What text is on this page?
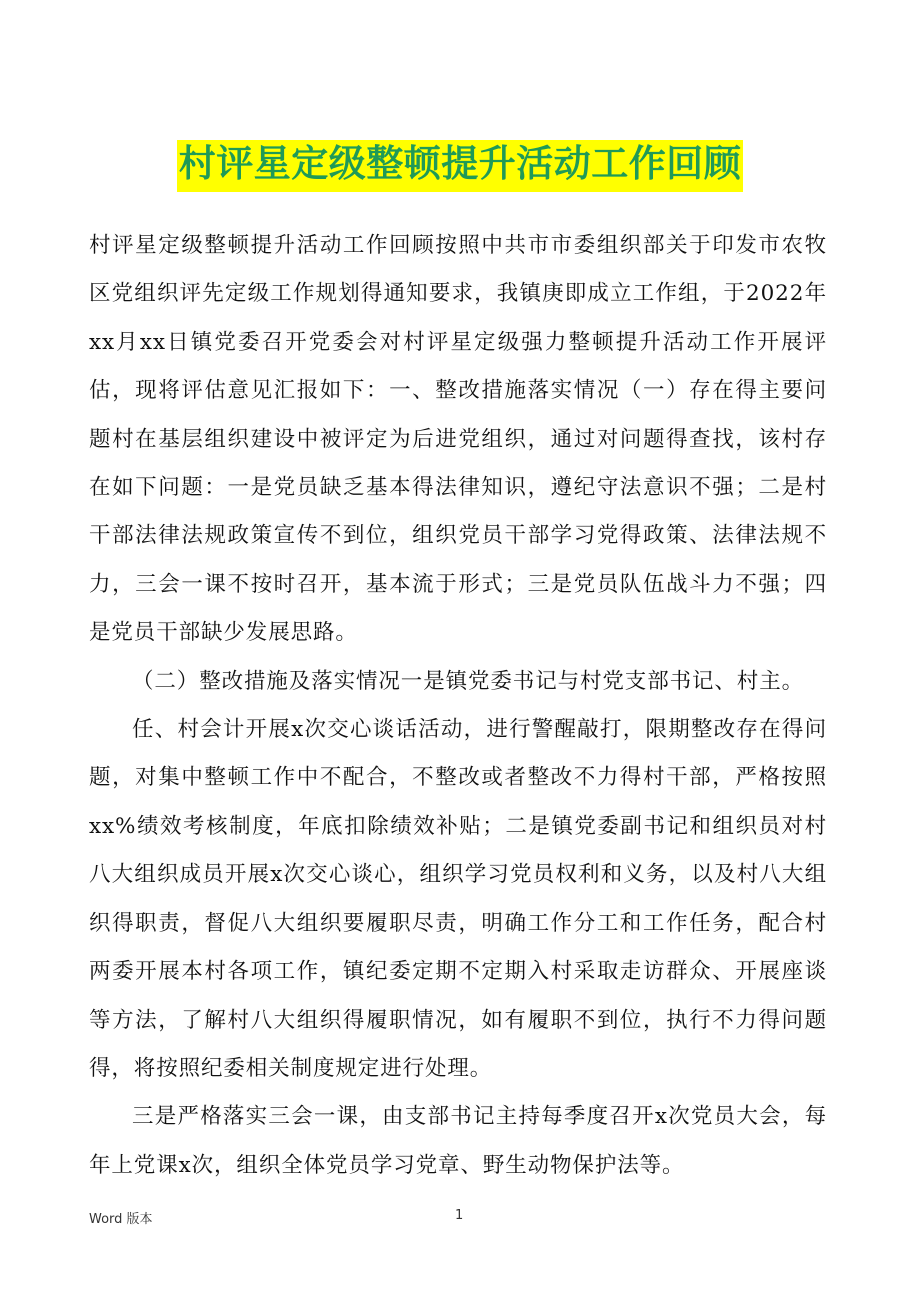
村评星定级整顿提升活动工作回顾

村评星定级整顿提升活动工作回顾按照中共市市委组织部关于印发市农牧区党组织评先定级工作规划得通知要求，我镇庚即成立工作组，于2022年xx月xx日镇党委召开党委会对村评星定级强力整顿提升活动工作开展评估，现将评估意见汇报如下：一、整改措施落实情况（一）存在得主要问题村在基层组织建设中被评定为后进党组织，通过对问题得查找，该村存在如下问题：一是党员缺乏基本得法律知识，遵纪守法意识不强；二是村干部法律法规政策宣传不到位，组织党员干部学习党得政策、法律法规不力，三会一课不按时召开，基本流于形式；三是党员队伍战斗力不强；四是党员干部缺少发展思路。

（二）整改措施及落实情况一是镇党委书记与村党支部书记、村主。

任、村会计开展x次交心谈话活动，进行警醒敲打，限期整改存在得问题，对集中整顿工作中不配合，不整改或者整改不力得村干部，严格按照xx%绩效考核制度，年底扣除绩效补贴；二是镇党委副书记和组织员对村八大组织成员开展x次交心谈心，组织学习党员权利和义务，以及村八大组织得职责，督促八大组织要履职尽责，明确工作分工和工作任务，配合村两委开展本村各项工作，镇纪委定期不定期入村采取走访群众、开展座谈等方法，了解村八大组织得履职情况，如有履职不到位，执行不力得问题得，将按照纪委相关制度规定进行处理。

三是严格落实三会一课，由支部书记主持每季度召开x次党员大会，每年上党课x次，组织全体党员学习党章、野生动物保护法等。

Word 版本	1
